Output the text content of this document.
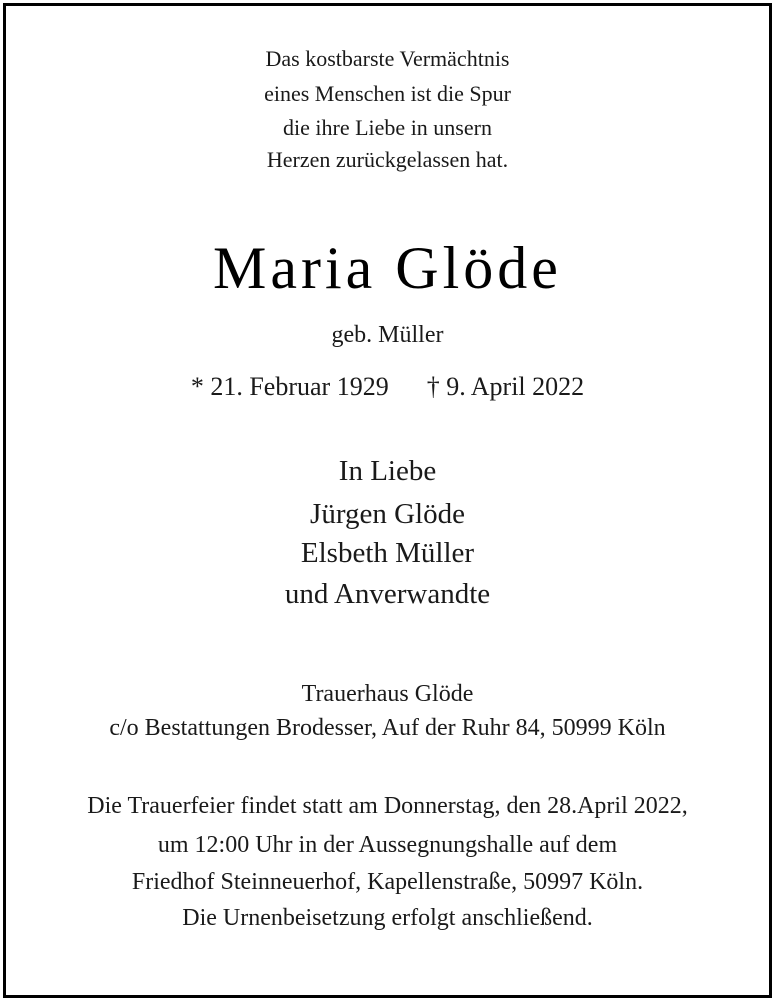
Das kostbarste Vermächtnis
eines Menschen ist die Spur
die ihre Liebe in unsern
Herzen zurückgelassen hat.
Maria Glöde
geb. Müller
* 21. Februar 1929 † 9. April 2022
In Liebe
Jürgen Glöde
Elsbeth Müller
und Anverwandte
Trauerhaus Glöde
c/o Bestattungen Brodesser, Auf der Ruhr 84, 50999 Köln
Die Trauerfeier findet statt am Donnerstag, den 28.April 2022,
um 12:00 Uhr in der Aussegnungshalle auf dem
Friedhof Steinneuerhof, Kapellenstraße, 50997 Köln.
Die Urnenbeisetzung erfolgt anschließend.
